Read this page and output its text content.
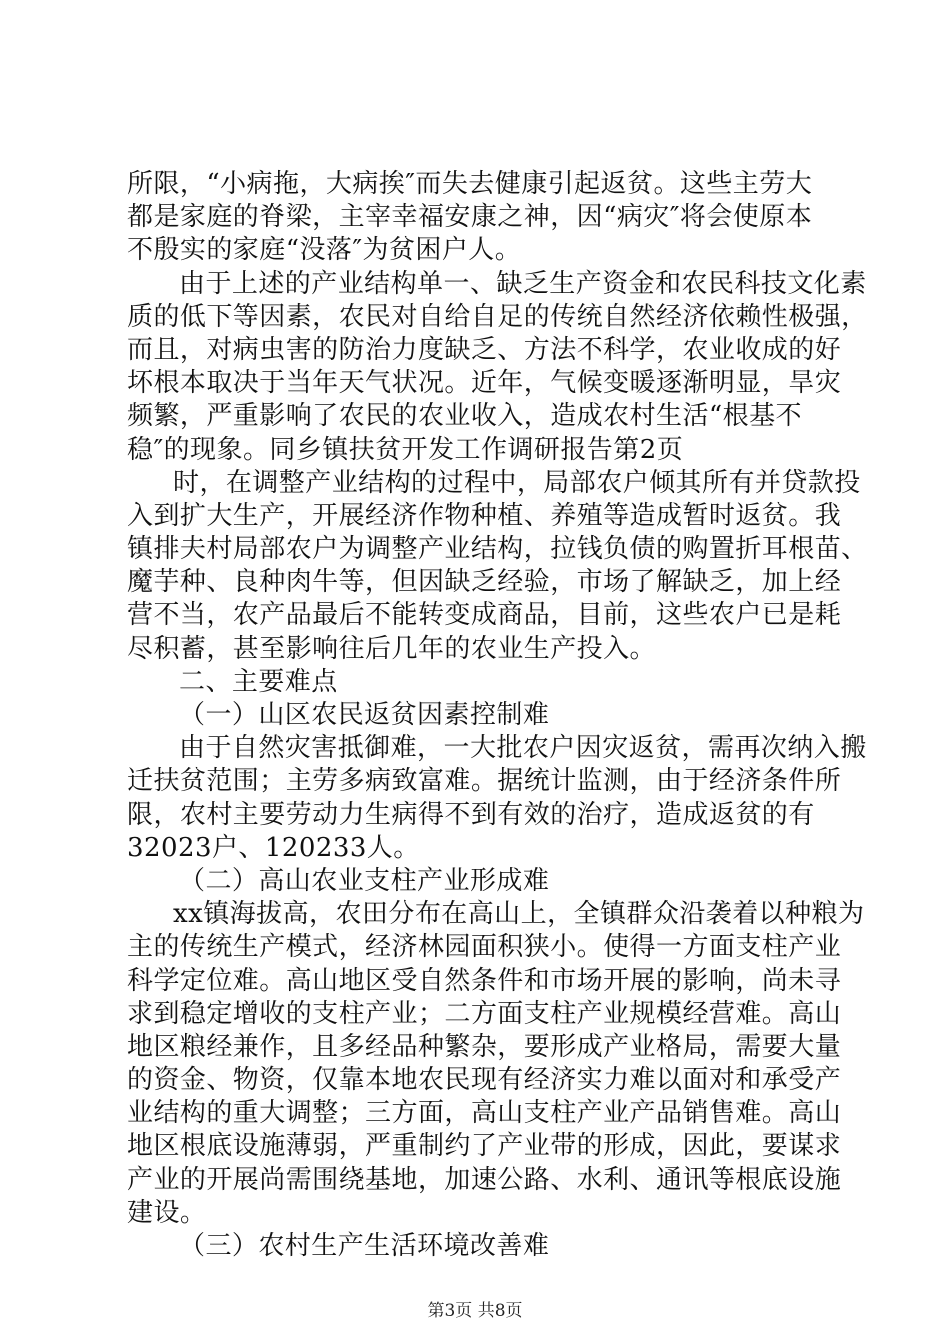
所限，“小病拖，大病挨″而失去健康引起返贫。这些主劳大
都是家庭的脊梁，主宰幸福安康之神，因“病灾″将会使原本
不殷实的家庭“没落″为贫困户人。
由于上述的产业结构单一、缺乏生产资金和农民科技文化素
质的低下等因素，农民对自给自足的传统自然经济依赖性极强，
而且，对病虫害的防治力度缺乏、方法不科学，农业收成的好
坏根本取决于当年天气状况。近年，气候变暖逐渐明显，旱灾
频繁，严重影响了农民的农业收入，造成农村生活“根基不
稳″的现象。同乡镇扶贫开发工作调研报告第2页
时，在调整产业结构的过程中，局部农户倾其所有并贷款投
入到扩大生产，开展经济作物种植、养殖等造成暂时返贫。我
镇排夫村局部农户为调整产业结构，拉钱负债的购置折耳根苗、
魔芋种、良种肉牛等，但因缺乏经验，市场了解缺乏，加上经
营不当，农产品最后不能转变成商品，目前，这些农户已是耗
尽积蓄，甚至影响往后几年的农业生产投入。
二、主要难点
（一）山区农民返贫因素控制难
由于自然灾害抵御难，一大批农户因灾返贫，需再次纳入搬
迁扶贫范围；主劳多病致富难。据统计监测，由于经济条件所
限，农村主要劳动力生病得不到有效的治疗，造成返贫的有
32023户、120233人。
（二）高山农业支柱产业形成难
xx镇海拔高，农田分布在高山上，全镇群众沿袭着以种粮为
主的传统生产模式，经济林园面积狭小。使得一方面支柱产业
科学定位难。高山地区受自然条件和市场开展的影响，尚未寻
求到稳定增收的支柱产业；二方面支柱产业规模经营难。高山
地区粮经兼作，且多经品种繁杂，要形成产业格局，需要大量
的资金、物资，仅靠本地农民现有经济实力难以面对和承受产
业结构的重大调整；三方面，高山支柱产业产品销售难。高山
地区根底设施薄弱，严重制约了产业带的形成，因此，要谋求
产业的开展尚需围绕基地，加速公路、水利、通讯等根底设施
建设。
（三）农村生产生活环境改善难
第3页 共8页
